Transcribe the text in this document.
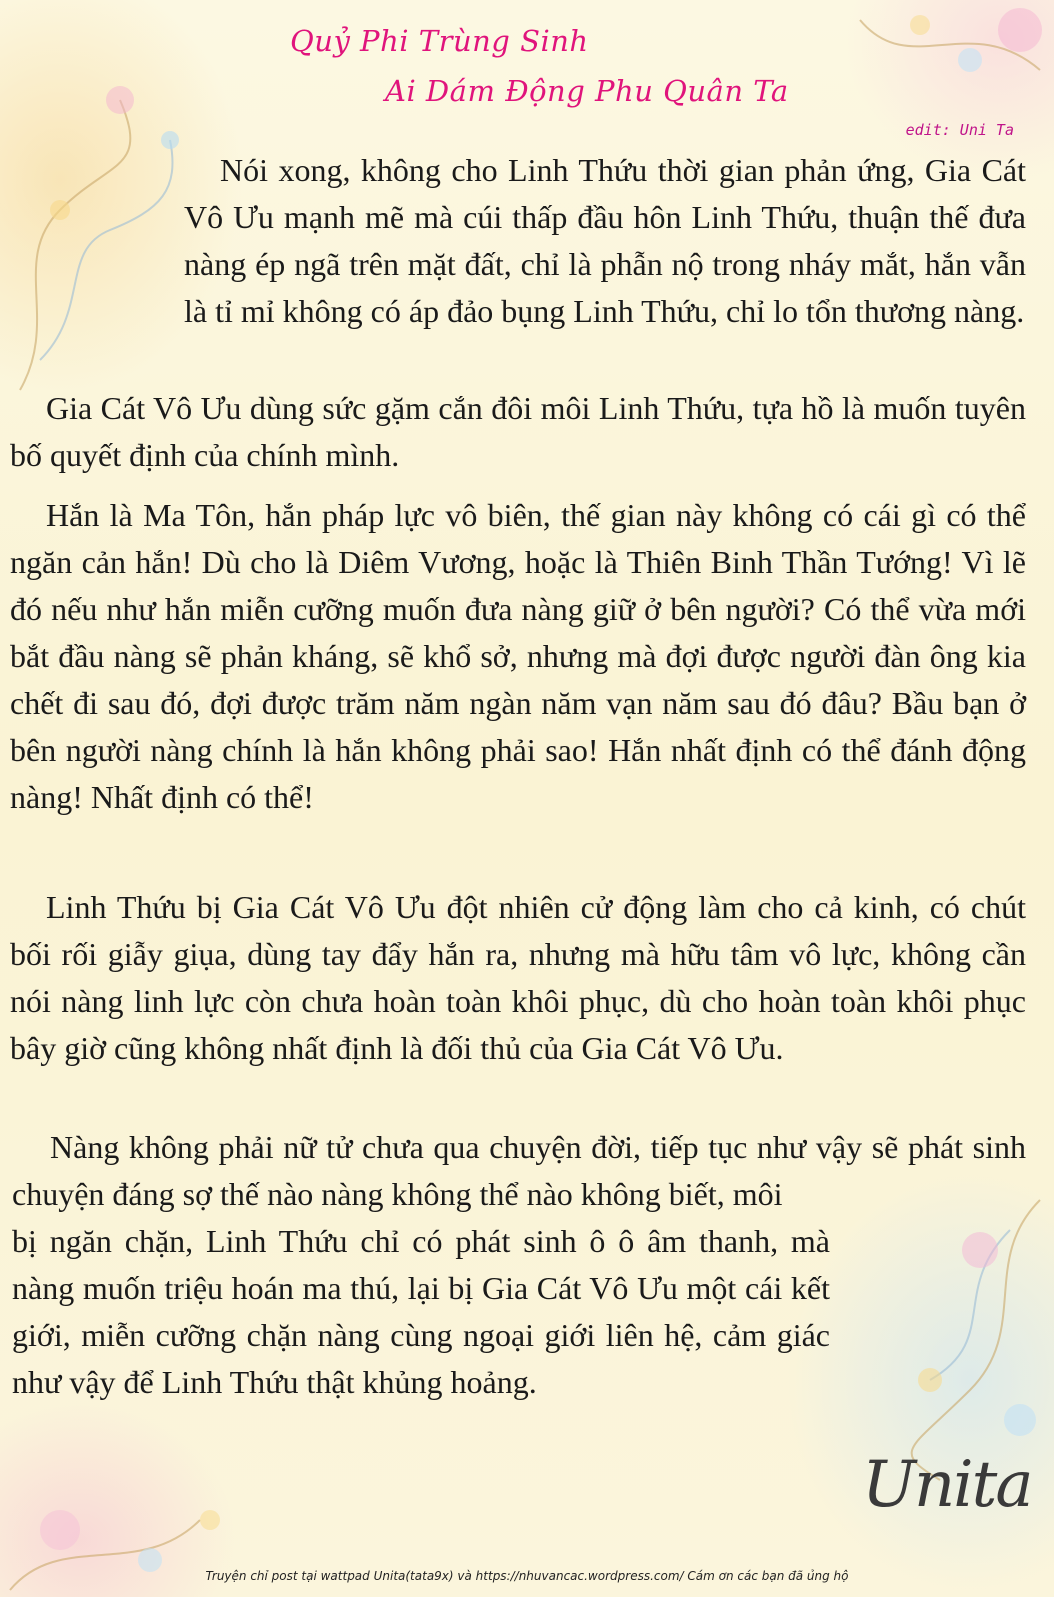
Quỷ Phi Trùng Sinh
Ai Dám Động Phu Quân Ta
edit: Uni Ta

Nói xong, không cho Linh Thứu thời gian phản ứng, Gia Cát Vô Ưu mạnh mẽ mà cúi thấp đầu hôn Linh Thứu, thuận thế đưa nàng ép ngã trên mặt đất, chỉ là phẫn nộ trong nháy mắt, hắn vẫn là tỉ mỉ không có áp đảo bụng Linh Thứu, chỉ lo tổn thương nàng.

Gia Cát Vô Ưu dùng sức gặm cắn đôi môi Linh Thứu, tựa hồ là muốn tuyên bố quyết định của chính mình.

Hắn là Ma Tôn, hắn pháp lực vô biên, thế gian này không có cái gì có thể ngăn cản hắn! Dù cho là Diêm Vương, hoặc là Thiên Binh Thần Tướng! Vì lẽ đó nếu như hắn miễn cưỡng muốn đưa nàng giữ ở bên người? Có thể vừa mới bắt đầu nàng sẽ phản kháng, sẽ khổ sở, nhưng mà đợi được người đàn ông kia chết đi sau đó, đợi được trăm năm ngàn năm vạn năm sau đó đâu? Bầu bạn ở bên người nàng chính là hắn không phải sao! Hắn nhất định có thể đánh động nàng! Nhất định có thể!

Linh Thứu bị Gia Cát Vô Ưu đột nhiên cử động làm cho cả kinh, có chút bối rối giẫy giụa, dùng tay đẩy hắn ra, nhưng mà hữu tâm vô lực, không cần nói nàng linh lực còn chưa hoàn toàn khôi phục, dù cho hoàn toàn khôi phục bây giờ cũng không nhất định là đối thủ của Gia Cát Vô Ưu.

Nàng không phải nữ tử chưa qua chuyện đời, tiếp tục như vậy sẽ phát sinh chuyện đáng sợ thế nào nàng không thể nào không biết, môi

bị ngăn chặn, Linh Thứu chỉ có phát sinh ô ô âm thanh, mà nàng muốn triệu hoán ma thú, lại bị Gia Cát Vô Ưu một cái kết giới, miễn cưỡng chặn nàng cùng ngoại giới liên hệ, cảm giác như vậy để Linh Thứu thật khủng hoảng.

Unita
Truyện chỉ post tại wattpad Unita(tata9x) và https://nhuvancac.wordpress.com/ Cám ơn các bạn đã ủng hộ
